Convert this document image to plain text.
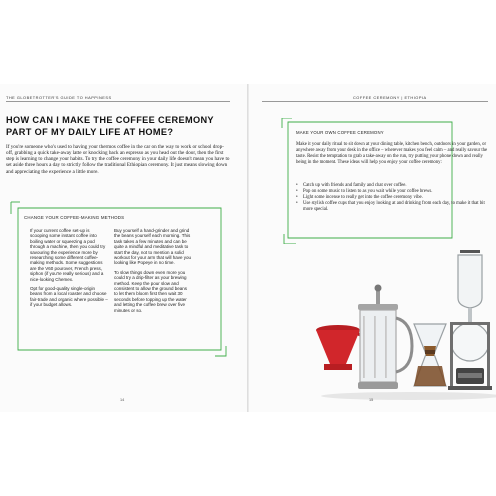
THE GLOBETROTTER'S GUIDE TO HAPPINESS
HOW CAN I MAKE THE COFFEE CEREMONY PART OF MY DAILY LIFE AT HOME?

If you're someone who's used to having your thermos coffee in the car on the way to work or school drop-off, grabbing a quick take-away latte or knocking back an espresso as you head out the door, then the first step is learning to change your habits. To try the coffee ceremony in your daily life doesn't mean you have to set aside three hours a day to strictly follow the traditional Ethiopian ceremony. It just means slowing down and appreciating the experience a little more.

CHANGE YOUR COFFEE-MAKING METHODS

If your current coffee set-up is scooping some instant coffee into boiling water or squeezing a pod through a machine, then you could try savouring the experience more by researching some different coffee-making methods. Some suggestions are the V60 pourover, French press, siphon (if you're really serious) and a nice-looking Chemex.

Opt for good-quality single-origin beans from a local roaster and choose fair-trade and organic where possible – if your budget allows.

Buy yourself a hand-grinder and grind the beans yourself each morning. This task takes a few minutes and can be quite a mindful and meditative task to start the day, not to mention a solid workout for your arm that will have you looking like Popeye in no time.

To slow things down even more you could try a drip-filter as your brewing method. Keep the pour slow and consistent to allow the ground beans to let them bloom first then wait 30 seconds before topping up the water and letting the coffee brew over five minutes or so.

14
COFFEE CEREMONY | ETHIOPIA
MAKE YOUR OWN COFFEE CEREMONY

Make it your daily ritual to sit down at your dining table, kitchen bench, outdoors in your garden, or anywhere away from your desk in the office – wherever makes you feel calm – and really savour the taste. Resist the temptation to grab a take-away on the run, try putting your phone down and really being in the moment. These ideas will help you enjoy your coffee ceremony:

• Catch up with friends and family and chat over coffee.
• Pop on some music to listen to as you wait while your coffee brews.
• Light some incense to really get into the coffee ceremony vibe.
• Use stylish coffee cups that you enjoy looking at and drinking from each day, to make it that bit more special.
15
